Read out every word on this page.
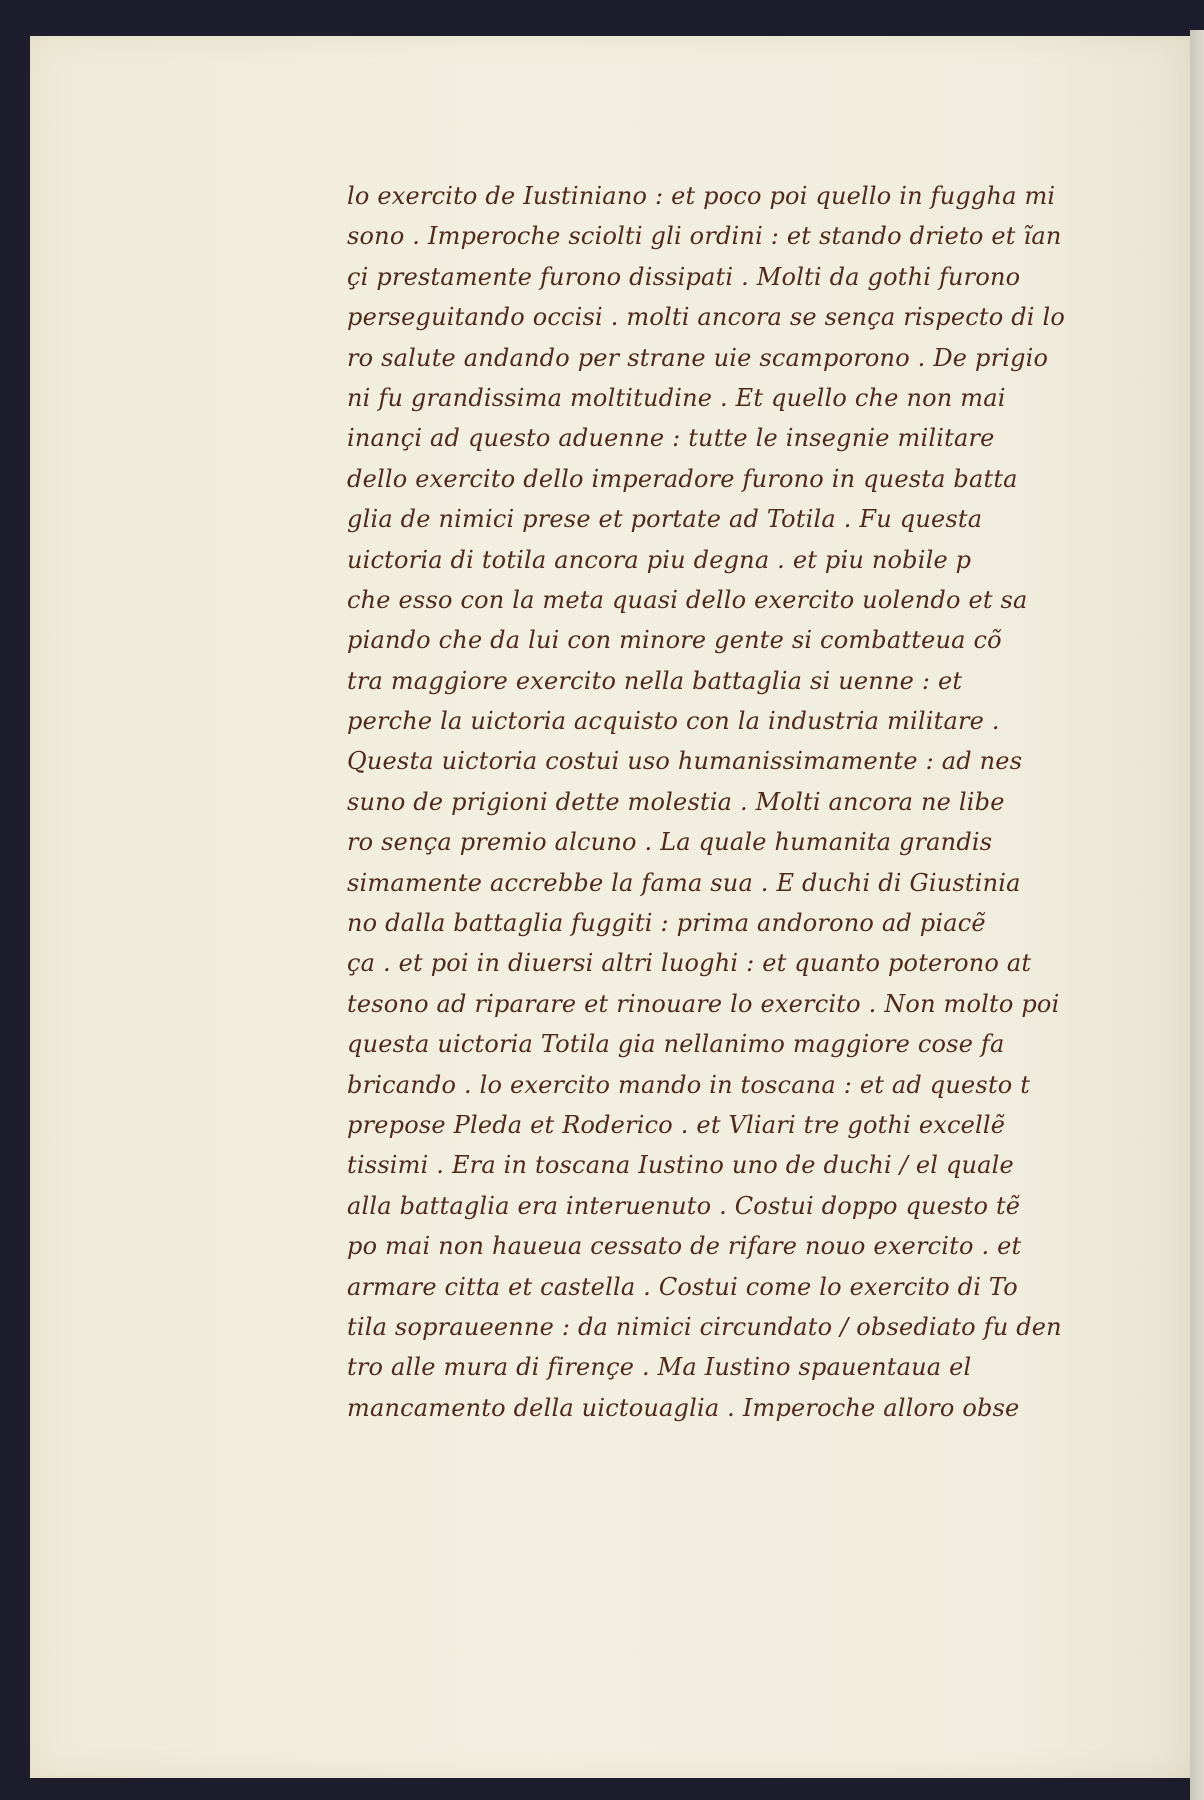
lo exercito de Iustiniano : et poco poi quello in fuggha mi
sono . Imperoche sciolti gli ordini : et stando drieto et ĩan
çi prestamente furono dissipati . Molti da gothi furono
perseguitando occisi . molti ancora se sença rispecto di lo
ro salute andando per strane uie scamporono . De prigio
ni fu grandissima moltitudine . Et quello che non mai
inançi ad questo aduenne : tutte le insegnie militare
dello exercito dello imperadore furono in questa batta
glia de nimici prese et portate ad Totila . Fu questa
uictoria di totila ancora piu degna . et piu nobile p
che esso con la meta quasi dello exercito uolendo et sa
piando che da lui con minore gente si combatteua cõ
tra maggiore exercito nella battaglia si uenne : et
perche la uictoria acquisto con la industria militare .
Questa uictoria costui uso humanissimamente : ad nes
suno de prigioni dette molestia . Molti ancora ne libe
ro sença premio alcuno . La quale humanita grandis
simamente accrebbe la fama sua . E duchi di Giustinia
no dalla battaglia fuggiti : prima andorono ad piacẽ
ça . et poi in diuersi altri luoghi : et quanto poterono at
tesono ad riparare et rinouare lo exercito . Non molto poi
questa uictoria Totila gia nellanimo maggiore cose fa
bricando . lo exercito mando in toscana : et ad questo t
prepose Pleda et Roderico . et Vliari tre gothi excellẽ
tissimi . Era in toscana Iustino uno de duchi / el quale
alla battaglia era interuenuto . Costui doppo questo tẽ
po mai non haueua cessato de rifare nouo exercito . et
armare citta et castella . Costui come lo exercito di To
tila sopraueenne : da nimici circundato / obsediato fu den
tro alle mura di firençe . Ma Iustino spauentaua el
mancamento della uictouaglia . Imperoche alloro obse
